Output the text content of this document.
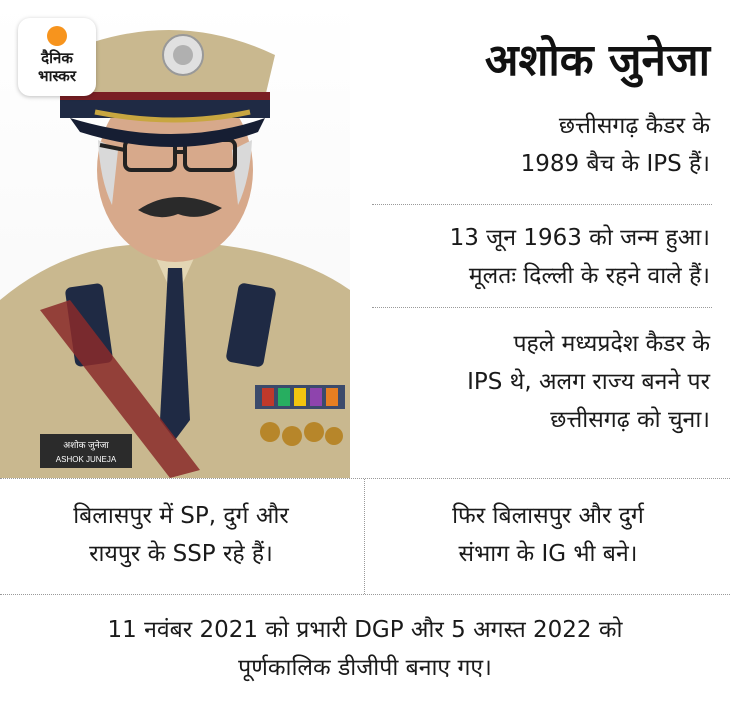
अशोक जुनेजा
ASHOK JUNEJA
दैनिक
भास्कर	अशोक जुनेजा
छत्तीसगढ़ कैडर के
1989 बैच के IPS हैं।
13 जून 1963 को जन्म हुआ।
मूलतः दिल्ली के रहने वाले हैं।
पहले मध्यप्रदेश कैडर के
IPS थे, अलग राज्य बनने पर
छत्तीसगढ़ को चुना।
बिलासपुर में SP, दुर्ग और
रायपुर के SSP रहे हैं।
फिर बिलासपुर और दुर्ग
संभाग के IG भी बने।
11 नवंबर 2021 को प्रभारी DGP और 5 अगस्त 2022 को
पूर्णकालिक डीजीपी बनाए गए।
